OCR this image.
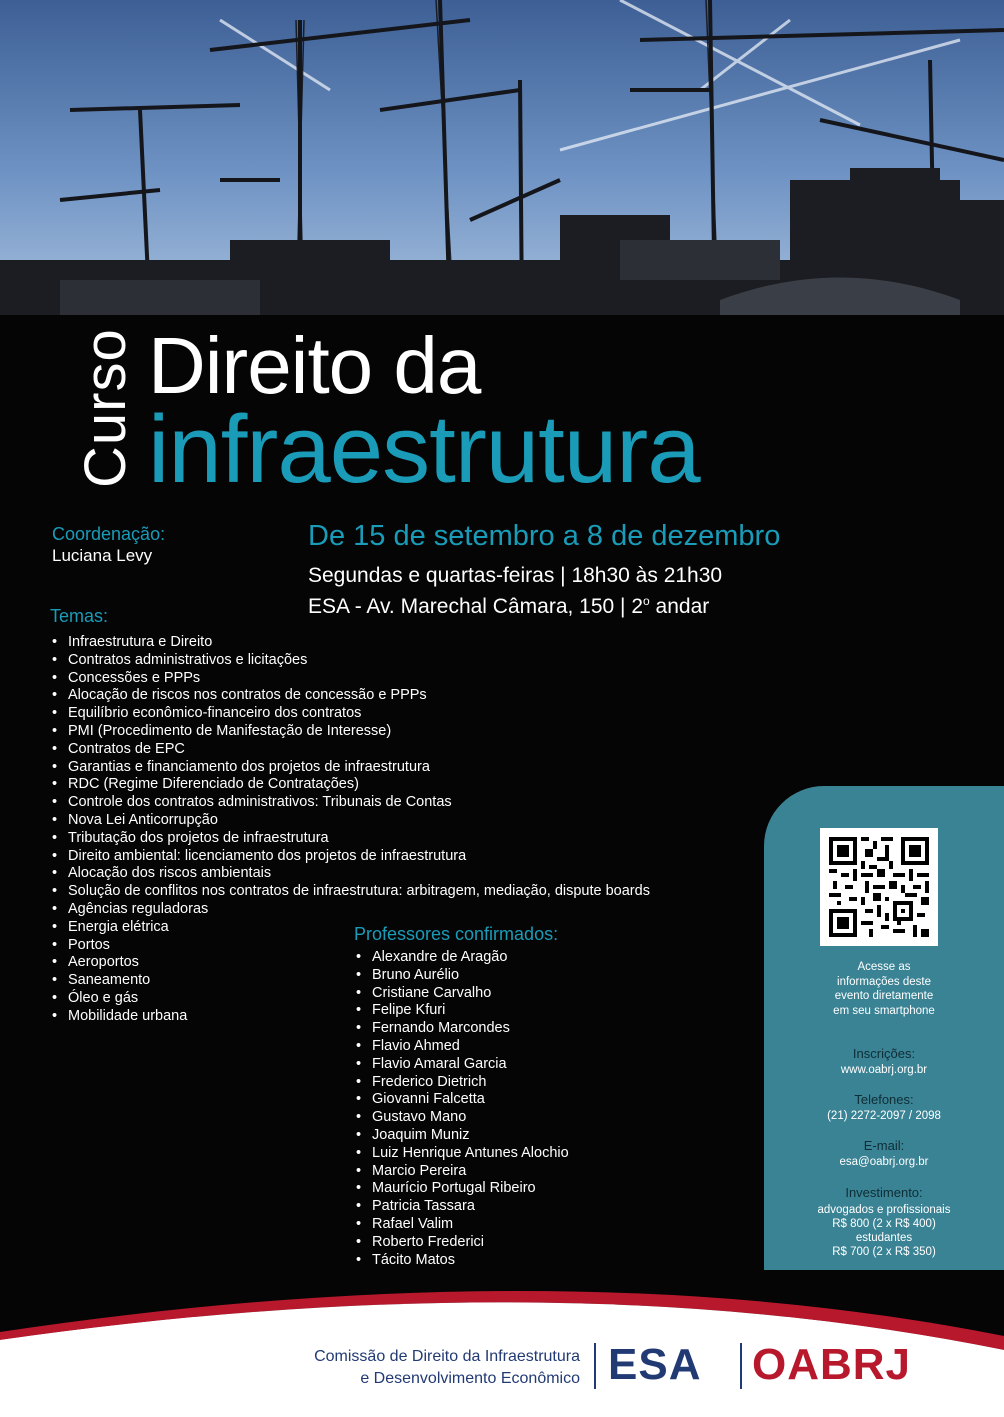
Curso Direito da
infraestrutura
Coordenação:
Luciana Levy
De 15 de setembro a 8 de dezembro
Segundas e quartas-feiras | 18h30 às 21h30
ESA - Av. Marechal Câmara, 150 | 2$^o$ andar
Temas:
• Infraestrutura e Direito
• Contratos administrativos e licitações
• Concessões e PPPs
• Alocação de riscos nos contratos de concessão e PPPs
• Equilíbrio econômico-financeiro dos contratos
• PMI (Procedimento de Manifestação de Interesse)
• Contratos de EPC
• Garantias e financiamento dos projetos de infraestrutura
• RDC (Regime Diferenciado de Contratações)
• Controle dos contratos administrativos: Tribunais de Contas
• Nova Lei Anticorrupção
• Tributação dos projetos de infraestrutura
• Direito ambiental: licenciamento dos projetos de infraestrutura
• Alocação dos riscos ambientais
• Solução de conflitos nos contratos de infraestrutura: arbitragem, mediação, dispute boards
• Agências reguladoras
• Energia elétrica
• Portos
• Aeroportos
• Saneamento
• Óleo e gás
• Mobilidade urbana
Professores confirmados:
• Alexandre de Aragão
• Bruno Aurélio
• Cristiane Carvalho
• Felipe Kfuri
• Fernando Marcondes
• Flavio Ahmed
• Flavio Amaral Garcia
• Frederico Dietrich
• Giovanni Falcetta
• Gustavo Mano
• Joaquim Muniz
• Luiz Henrique Antunes Alochio
• Marcio Pereira
• Maurício Portugal Ribeiro
• Patricia Tassara
• Rafael Valim
• Roberto Frederici
• Tácito Matos
Acesse as
informações deste
evento diretamente
em seu smartphone
Inscrições:
www.oabrj.org.br
Telefones:
(21) 2272-2097 / 2098
E-mail:
esa@oabrj.org.br
Investimento:
advogados e profissionais
R$ 800 (2 x R$ 400)
estudantes
R$ 700 (2 x R$ 350)
Comissão de Direito da Infraestrutura
e Desenvolvimento Econômico ESA OABRJ
